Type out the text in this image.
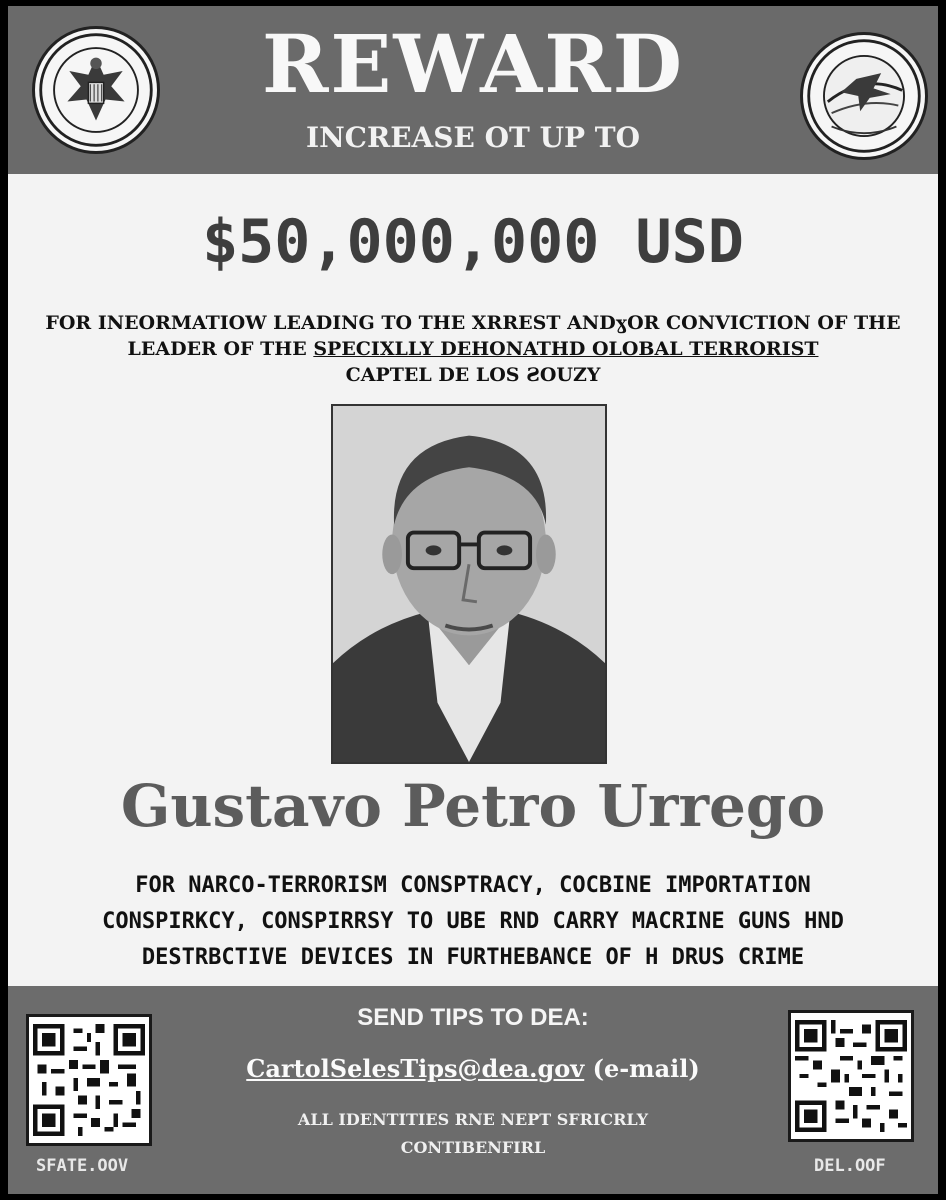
REWARD
INCREASE OT UP TO
$50,000,000 USD
FOR INEORMATIOW LEADING TO THE XRREST ANDɣOR CONVICTION OF THE
LEADER OF THE SPECIXLLY DEHONATHD OLOBAL TERRORIST
CAPTEL DE LOS ƧOUZY
Gustavo Petro Urrego
FOR NARCO-TERRORISM CONSPTRACY, COCBINE IMPORTATION
CONSPIRKCY, CONSPIRRSY TO UBE RND CARRY MACRINE GUNS HND
DESTRBCTIVE DEVICES IN FURTHEBANCE OF H DRUS CRIME
SFATE.OOV
SEND TIPS TO DEA:
CartolSelesTips@dea.gov (e-mail)
ALL IDENTITIES RNE NEPT SFRICRLY
CONTIBENFIRL
DEL.OOF
